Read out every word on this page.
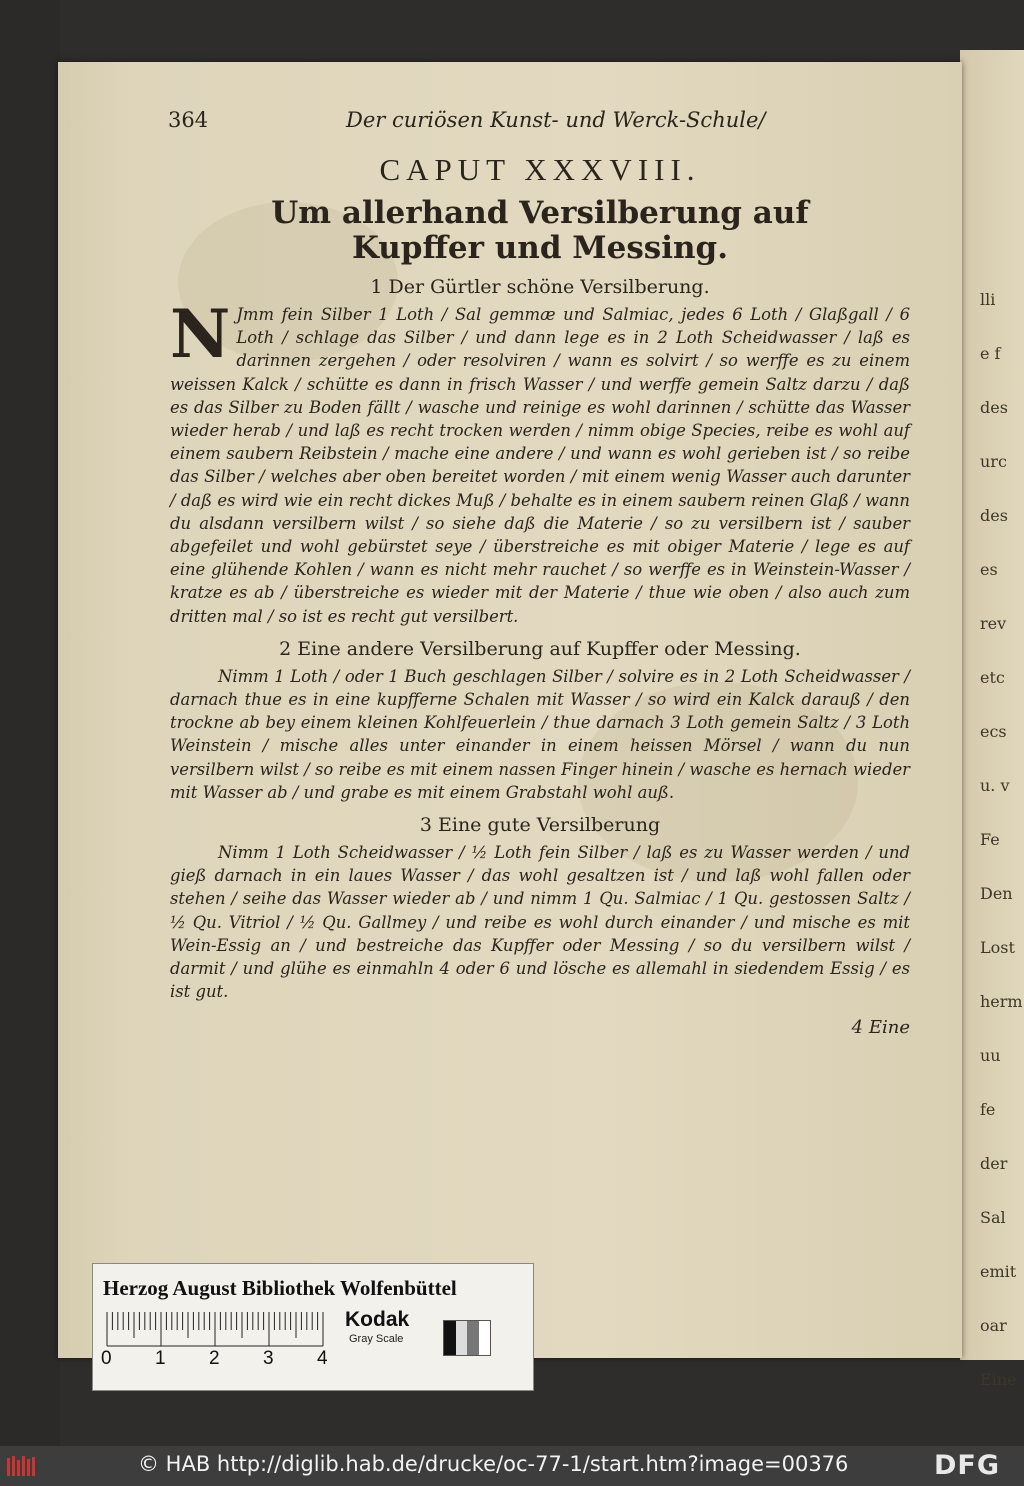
lli
e f
des
urc
des
es
rev
etc
ecs
u. v
Fe
Den
Lost
herm
uu
fe
der
Sal
emit
oar
Eine
364	Der curiösen Kunst- und Werck-Schule/
CAPUT XXXVIII.
Um allerhand Versilberung auf Kupffer und Messing.
1 Der Gürtler schöne Versilberung.
N Jmm fein Silber 1 Loth / Sal gemmæ und Salmiac, jedes 6 Loth / Glaßgall / 6 Loth / schlage das Silber / und dann lege es in 2 Loth Scheidwasser / laß es darinnen zergehen / oder resolviren / wann es solvirt / so werffe es zu einem weissen Kalck / schütte es dann in frisch Wasser / und werffe gemein Saltz darzu / daß es das Silber zu Boden fällt / wasche und reinige es wohl darinnen / schütte das Wasser wieder herab / und laß es recht trocken werden / nimm obige Species, reibe es wohl auf einem saubern Reibstein / mache eine andere / und wann es wohl gerieben ist / so reibe das Silber / welches aber oben bereitet worden / mit einem wenig Wasser auch darunter / daß es wird wie ein recht dickes Muß / behalte es in einem saubern reinen Glaß / wann du alsdann versilbern wilst / so siehe daß die Materie / so zu versilbern ist / sauber abgefeilet und wohl gebürstet seye / überstreiche es mit obiger Materie / lege es auf eine glühende Kohlen / wann es nicht mehr rauchet / so werffe es in Weinstein-Wasser / kratze es ab / überstreiche es wieder mit der Materie / thue wie oben / also auch zum dritten mal / so ist es recht gut versilbert.

2 Eine andere Versilberung auf Kupffer oder Messing.

Nimm 1 Loth / oder 1 Buch geschlagen Silber / solvire es in 2 Loth Scheidwasser / darnach thue es in eine kupfferne Schalen mit Wasser / so wird ein Kalck darauß / den trockne ab bey einem kleinen Kohlfeuerlein / thue darnach 3 Loth gemein Saltz / 3 Loth Weinstein / mische alles unter einander in einem heissen Mörsel / wann du nun versilbern wilst / so reibe es mit einem nassen Finger hinein / wasche es hernach wieder mit Wasser ab / und grabe es mit einem Grabstahl wohl auß.

3 Eine gute Versilberung

Nimm 1 Loth Scheidwasser / ½ Loth fein Silber / laß es zu Wasser werden / und gieß darnach in ein laues Wasser / das wohl gesaltzen ist / und laß wohl fallen oder stehen / seihe das Wasser wieder ab / und nimm 1 Qu. Salmiac / 1 Qu. gestossen Saltz / ½ Qu. Vitriol / ½ Qu. Gallmey / und reibe es wohl durch einander / und mische es mit Wein-Essig an / und bestreiche das Kupffer oder Messing / so du versilbern wilst / darmit / und glühe es einmahln 4 oder 6 und lösche es allemahl in siedendem Essig / es ist gut.

4 Eine
Herzog August Bibliothek Wolfenbüttel
0 1 2 3 4
Kodak
Gray Scale
© HAB http://diglib.hab.de/drucke/oc-77-1/start.htm?image=00376	DFG
